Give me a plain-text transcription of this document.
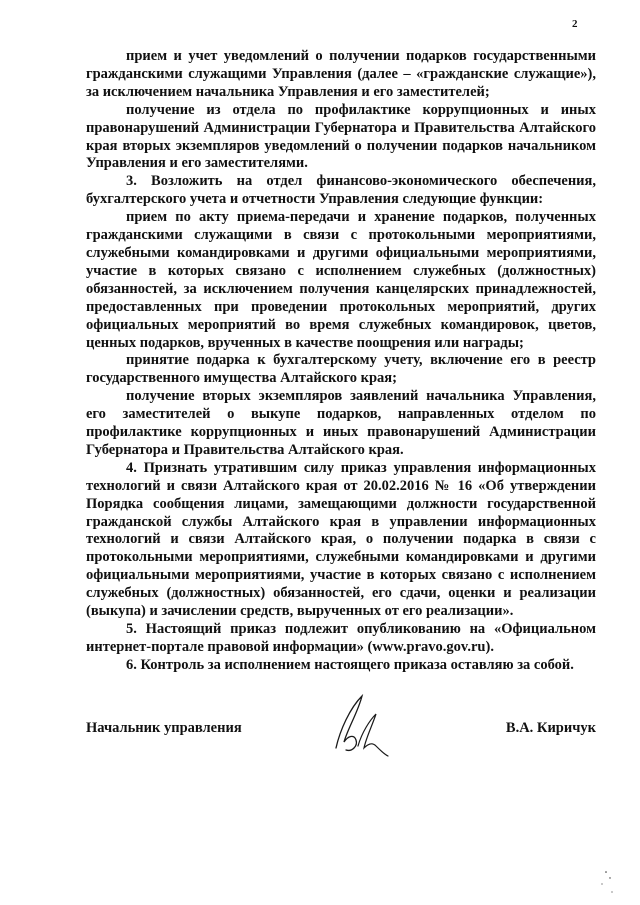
2

прием и учет уведомлений о получении подарков государственными гражданскими служащими Управления (далее – «гражданские служащие»), за исключением начальника Управления и его заместителей;

получение из отдела по профилактике коррупционных и иных правонарушений Администрации Губернатора и Правительства Алтайского края вторых экземпляров уведомлений о получении подарков начальником Управления и его заместителями.

3. Возложить на отдел финансово-экономического обеспечения, бухгалтерского учета и отчетности Управления следующие функции:

прием по акту приема-передачи и хранение подарков, полученных гражданскими служащими в связи с протокольными мероприятиями, служебными командировками и другими официальными мероприятиями, участие в которых связано с исполнением служебных (должностных) обязанностей, за исключением получения канцелярских принадлежностей, предоставленных при проведении протокольных мероприятий, других официальных мероприятий во время служебных командировок, цветов, ценных подарков, врученных в качестве поощрения или награды;

принятие подарка к бухгалтерскому учету, включение его в реестр государственного имущества Алтайского края;

получение вторых экземпляров заявлений начальника Управления, его заместителей о выкупе подарков, направленных отделом по профилактике коррупционных и иных правонарушений Администрации Губернатора и Правительства Алтайского края.

4. Признать утратившим силу приказ управления информационных технологий и связи Алтайского края от 20.02.2016 № 16 «Об утверждении Порядка сообщения лицами, замещающими должности государственной гражданской службы Алтайского края в управлении информационных технологий и связи Алтайского края, о получении подарка в связи с протокольными мероприятиями, служебными командировками и другими официальными мероприятиями, участие в которых связано с исполнением служебных (должностных) обязанностей, его сдачи, оценки и реализации (выкупа) и зачислении средств, вырученных от его реализации».

5. Настоящий приказ подлежит опубликованию на «Официальном интернет-портале правовой информации» (www.pravo.gov.ru).

6. Контроль за исполнением настоящего приказа оставляю за собой.

Начальник управления	В.А. Киричук
